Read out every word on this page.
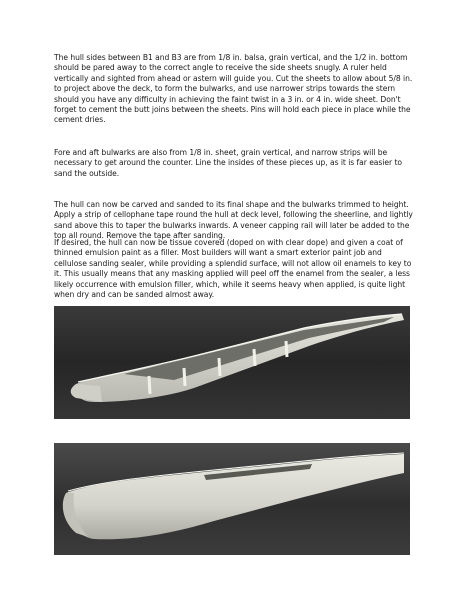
The hull sides between B1 and B3 are from 1/8 in. balsa, grain vertical, and the 1/2 in. bottom should be pared away to the correct angle to receive the side sheets snugly. A ruler held vertically and sighted from ahead or astern will guide you. Cut the sheets to allow about 5/8 in. to project above the deck, to form the bulwarks, and use narrower strips towards the stern should you have any difficulty in achieving the faint twist in a 3 in. or 4 in. wide sheet. Don't forget to cement the butt joins between the sheets. Pins will hold each piece in place while the cement dries.

Fore and aft bulwarks are also from 1/8 in. sheet, grain vertical, and narrow strips will be necessary to get around the counter. Line the insides of these pieces up, as it is far easier to sand the outside.

The hull can now be carved and sanded to its final shape and the bulwarks trimmed to height. Apply a strip of cellophane tape round the hull at deck level, following the sheerline, and lightly sand above this to taper the bulwarks inwards. A veneer capping rail will later be added to the top all round. Remove the tape after sanding.

If desired, the hull can now be tissue covered (doped on with clear dope) and given a coat of thinned emulsion paint as a filler. Most builders will want a smart exterior paint job and cellulose sanding sealer, while providing a splendid surface, will not allow oil enamels to key to it. This usually means that any masking applied will peel off the enamel from the sealer, a less likely occurrence with emulsion filler, which, while it seems heavy when applied, is quite light when dry and can be sanded almost away.
